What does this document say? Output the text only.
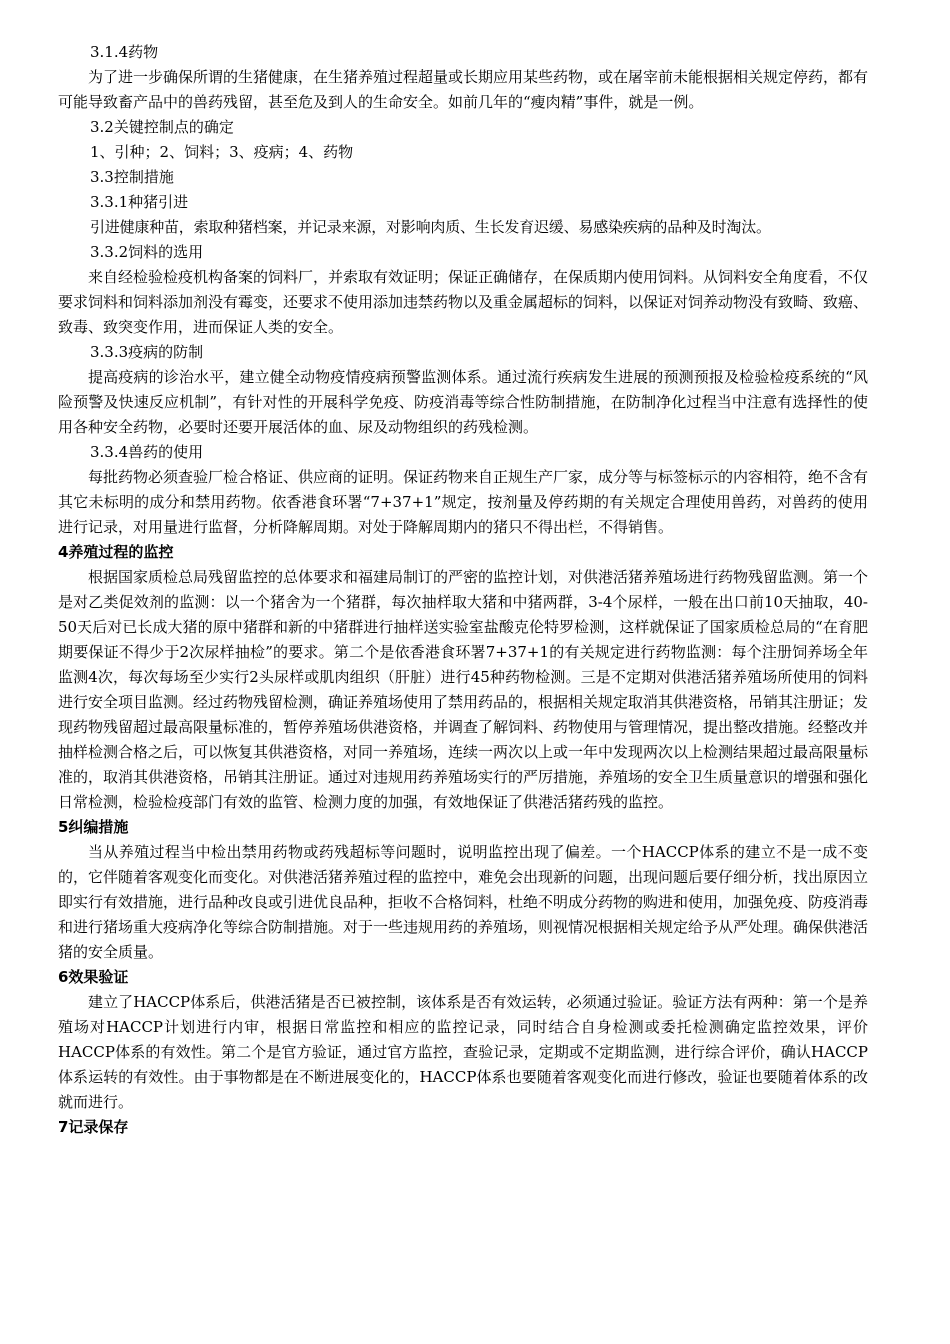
3.1.4药物
为了进一步确保所谓的生猪健康，在生猪养殖过程超量或长期应用某些药物，或在屠宰前未能根据相关规定停药，都有可能导致畜产品中的兽药残留，甚至危及到人的生命安全。如前几年的“瘦肉精”事件，就是一例。
3.2关键控制点的确定
1、引种；2、饲料；3、疫病；4、药物
3.3控制措施
3.3.1种猪引进
引进健康种苗，索取种猪档案，并记录来源，对影响肉质、生长发育迟缓、易感染疾病的品种及时淘汰。
3.3.2饲料的选用
来自经检验检疫机构备案的饲料厂，并索取有效证明；保证正确储存，在保质期内使用饲料。从饲料安全角度看，不仅要求饲料和饲料添加剂没有霉变，还要求不使用添加违禁药物以及重金属超标的饲料，以保证对饲养动物没有致畸、致癌、致毒、致突变作用，进而保证人类的安全。
3.3.3疫病的防制
提高疫病的诊治水平，建立健全动物疫情疫病预警监测体系。通过流行疾病发生进展的预测预报及检验检疫系统的“风险预警及快速反应机制”，有针对性的开展科学免疫、防疫消毒等综合性防制措施，在防制净化过程当中注意有选择性的使用各种安全药物，必要时还要开展活体的血、尿及动物组织的药残检测。
3.3.4兽药的使用
每批药物必须查验厂检合格证、供应商的证明。保证药物来自正规生产厂家，成分等与标签标示的内容相符，绝不含有其它未标明的成分和禁用药物。依香港食环署“7+37+1”规定，按剂量及停药期的有关规定合理使用兽药，对兽药的使用进行记录，对用量进行监督，分析降解周期。对处于降解周期内的猪只不得出栏，不得销售。
4养殖过程的监控
根据国家质检总局残留监控的总体要求和福建局制订的严密的监控计划，对供港活猪养殖场进行药物残留监测。第一个是对乙类促效剂的监测：以一个猪舍为一个猪群，每次抽样取大猪和中猪两群，3-4个尿样，一般在出口前10天抽取，40-50天后对已长成大猪的原中猪群和新的中猪群进行抽样送实验室盐酸克伦特罗检测，这样就保证了国家质检总局的“在育肥期要保证不得少于2次尿样抽检”的要求。第二个是依香港食环署7+37+1的有关规定进行药物监测：每个注册饲养场全年监测4次，每次每场至少实行2头尿样或肌肉组织（肝脏）进行45种药物检测。三是不定期对供港活猪养殖场所使用的饲料进行安全项目监测。经过药物残留检测，确证养殖场使用了禁用药品的，根据相关规定取消其供港资格，吊销其注册证；发现药物残留超过最高限量标准的，暂停养殖场供港资格，并调查了解饲料、药物使用与管理情况，提出整改措施。经整改并抽样检测合格之后，可以恢复其供港资格，对同一养殖场，连续一两次以上或一年中发现两次以上检测结果超过最高限量标准的，取消其供港资格，吊销其注册证。通过对违规用药养殖场实行的严厉措施，养殖场的安全卫生质量意识的增强和强化日常检测，检验检疫部门有效的监管、检测力度的加强，有效地保证了供港活猪药残的监控。
5纠编措施
当从养殖过程当中检出禁用药物或药残超标等问题时，说明监控出现了偏差。一个HACCP体系的建立不是一成不变的，它伴随着客观变化而变化。对供港活猪养殖过程的监控中，难免会出现新的问题，出现问题后要仔细分析，找出原因立即实行有效措施，进行品种改良或引进优良品种，拒收不合格饲料，杜绝不明成分药物的购进和使用，加强免疫、防疫消毒和进行猪场重大疫病净化等综合防制措施。对于一些违规用药的养殖场，则视情况根据相关规定给予从严处理。确保供港活猪的安全质量。
6效果验证
建立了HACCP体系后，供港活猪是否已被控制，该体系是否有效运转，必须通过验证。验证方法有两种：第一个是养殖场对HACCP计划进行内审，根据日常监控和相应的监控记录，同时结合自身检测或委托检测确定监控效果，评价HACCP体系的有效性。第二个是官方验证，通过官方监控，查验记录，定期或不定期监测，进行综合评价，确认HACCP体系运转的有效性。由于事物都是在不断进展变化的，HACCP体系也要随着客观变化而进行修改，验证也要随着体系的改就而进行。
7记录保存
